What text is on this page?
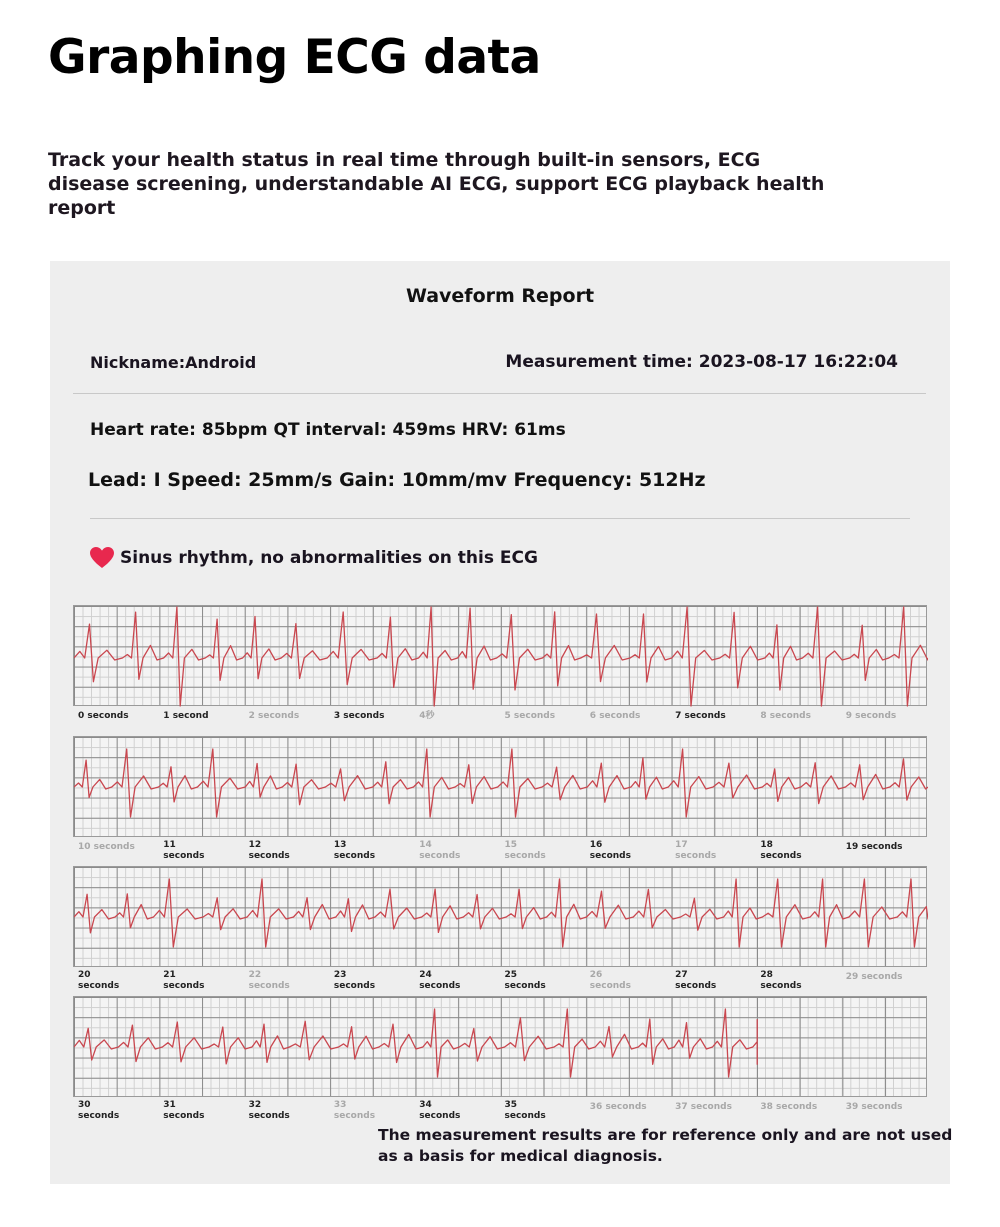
Graphing ECG data

Track your health status in real time through built-in sensors, ECG disease screening, understandable AI ECG, support ECG playback health report

Waveform Report
Nickname:Android	Measurement time: 2023-08-17 16:22:04
Heart rate: 85bpm QT interval: 459ms HRV: 61ms
Lead: I Speed: 25mm/s Gain: 10mm/mv Frequency: 512Hz
Sinus rhythm, no abnormalities on this ECG
0 seconds	1 second	2 seconds	3 seconds	4秒	5 seconds	6 seconds	7 seconds	8 seconds	9 seconds
10 seconds	11
seconds
12
seconds
13
seconds
14
seconds
15
seconds
16
seconds
17
seconds
18
seconds
19 seconds
20
seconds
21
seconds
22
seconds
23
seconds
24
seconds
25
seconds
26
seconds
27
seconds
28
seconds
29 seconds
30
seconds
31
seconds
32
seconds
33
seconds
34
seconds
35
seconds
36 seconds	37 seconds	38 seconds	39 seconds
The measurement results are for reference only and are not used as a basis for medical diagnosis.
